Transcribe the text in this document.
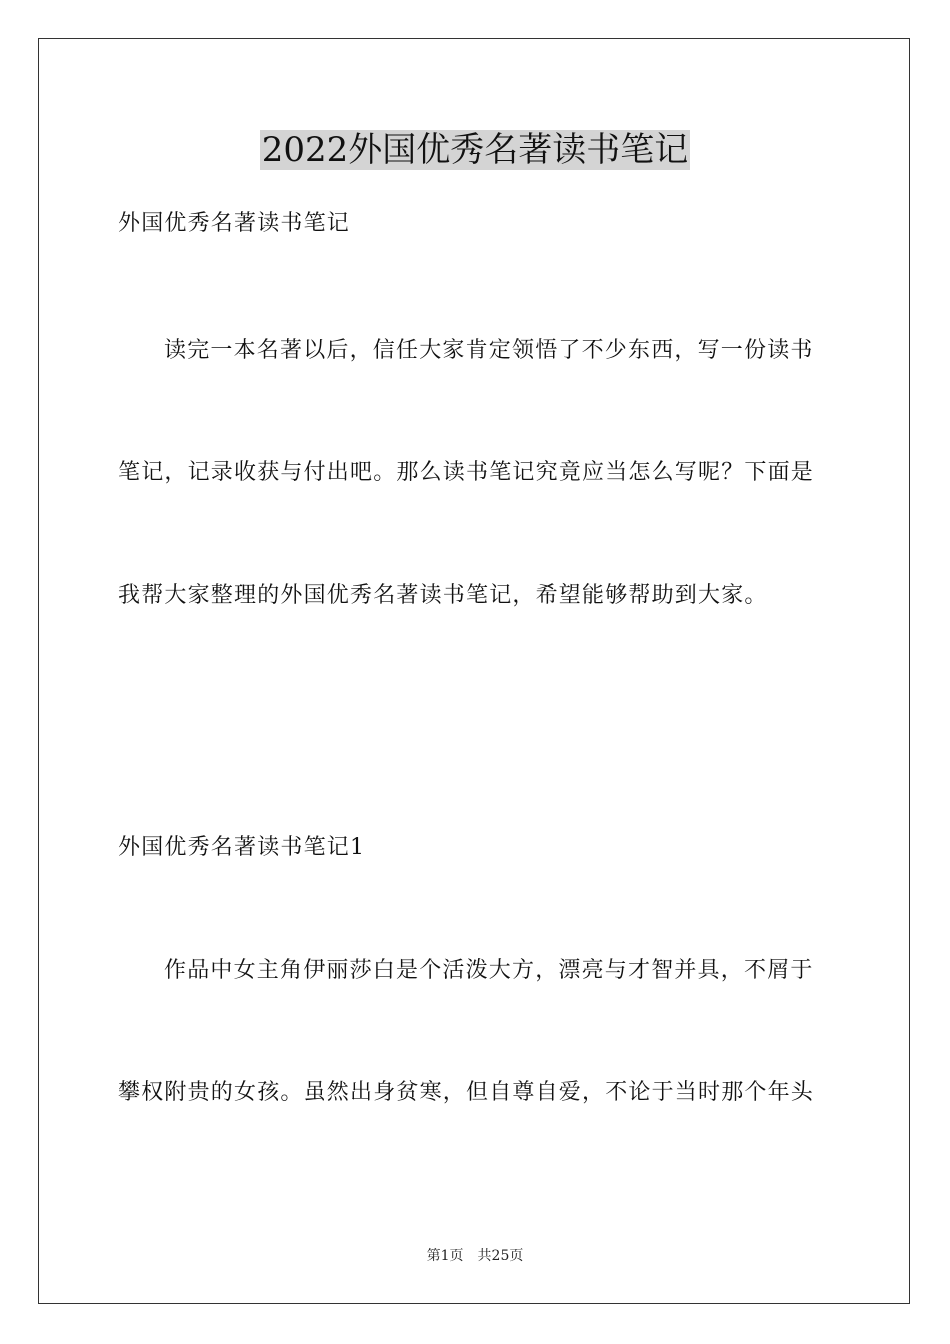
2022外国优秀名著读书笔记
外国优秀名著读书笔记
读完一本名著以后，信任大家肯定领悟了不少东西，写一份读书
笔记，记录收获与付出吧。那么读书笔记究竟应当怎么写呢？下面是
我帮大家整理的外国优秀名著读书笔记，希望能够帮助到大家。
外国优秀名著读书笔记1
作品中女主角伊丽莎白是个活泼大方，漂亮与才智并具，不屑于
攀权附贵的女孩。虽然出身贫寒，但自尊自爱，不论于当时那个年头
第1页 共25页
